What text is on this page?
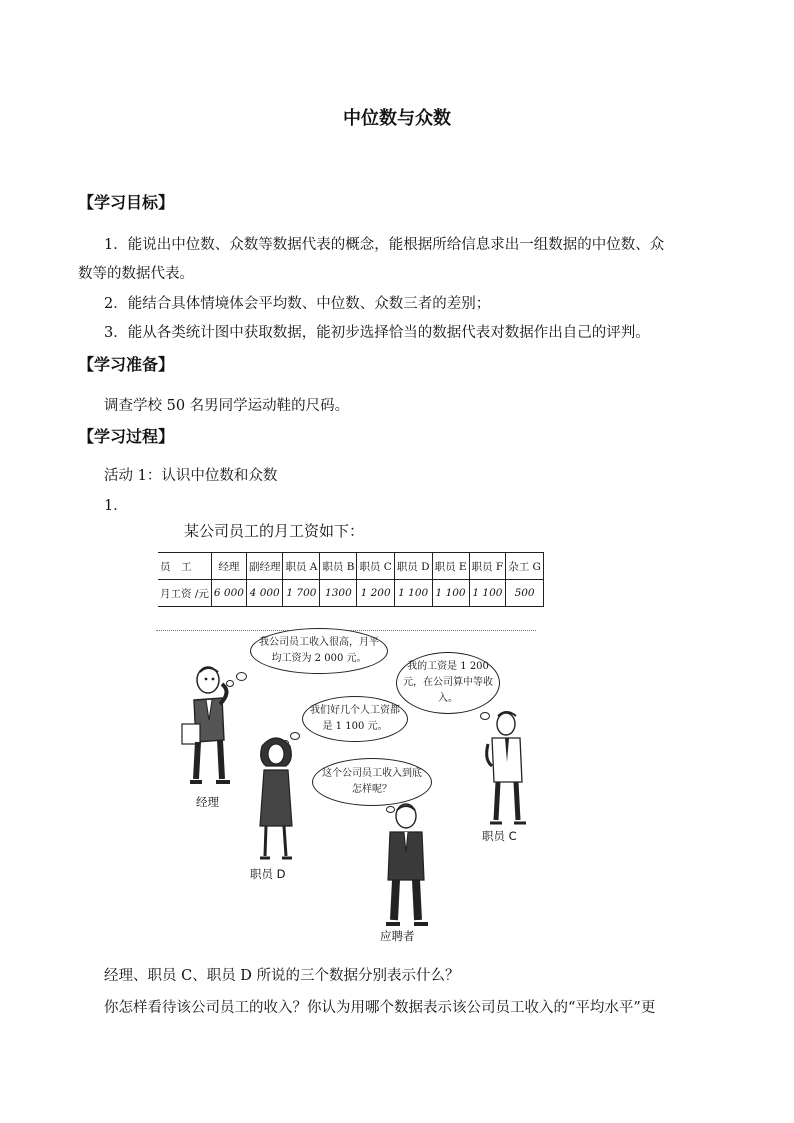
中位数与众数
【学习目标】
1．能说出中位数、众数等数据代表的概念，能根据所给信息求出一组数据的中位数、众
数等的数据代表。
2．能结合具体情境体会平均数、中位数、众数三者的差别；
3．能从各类统计图中获取数据，能初步选择恰当的数据代表对数据作出自己的评判。
【学习准备】
调查学校 50 名男同学运动鞋的尺码。
【学习过程】
活动 1：认识中位数和众数
1．
某公司员工的月工资如下：
员　工	经理	副经理	职员 A	职员 B	职员 C	职员 D	职员 E	职员 F	杂工 G
月工资 /元	6 000	4 000	1 700	1300	1 200	1 100	1 100	1 100	500
我公司员工收入很高，月平均工资为 2 000 元。
我的工资是 1 200元，在公司算中等收入。
我们好几个人工资都是 1 100 元。
这个公司员工收入到底怎样呢？
经理
职员 D
应聘者
职员 C
经理、职员 C、职员 D 所说的三个数据分别表示什么？
你怎样看待该公司员工的收入？你认为用哪个数据表示该公司员工收入的“平均水平”更
